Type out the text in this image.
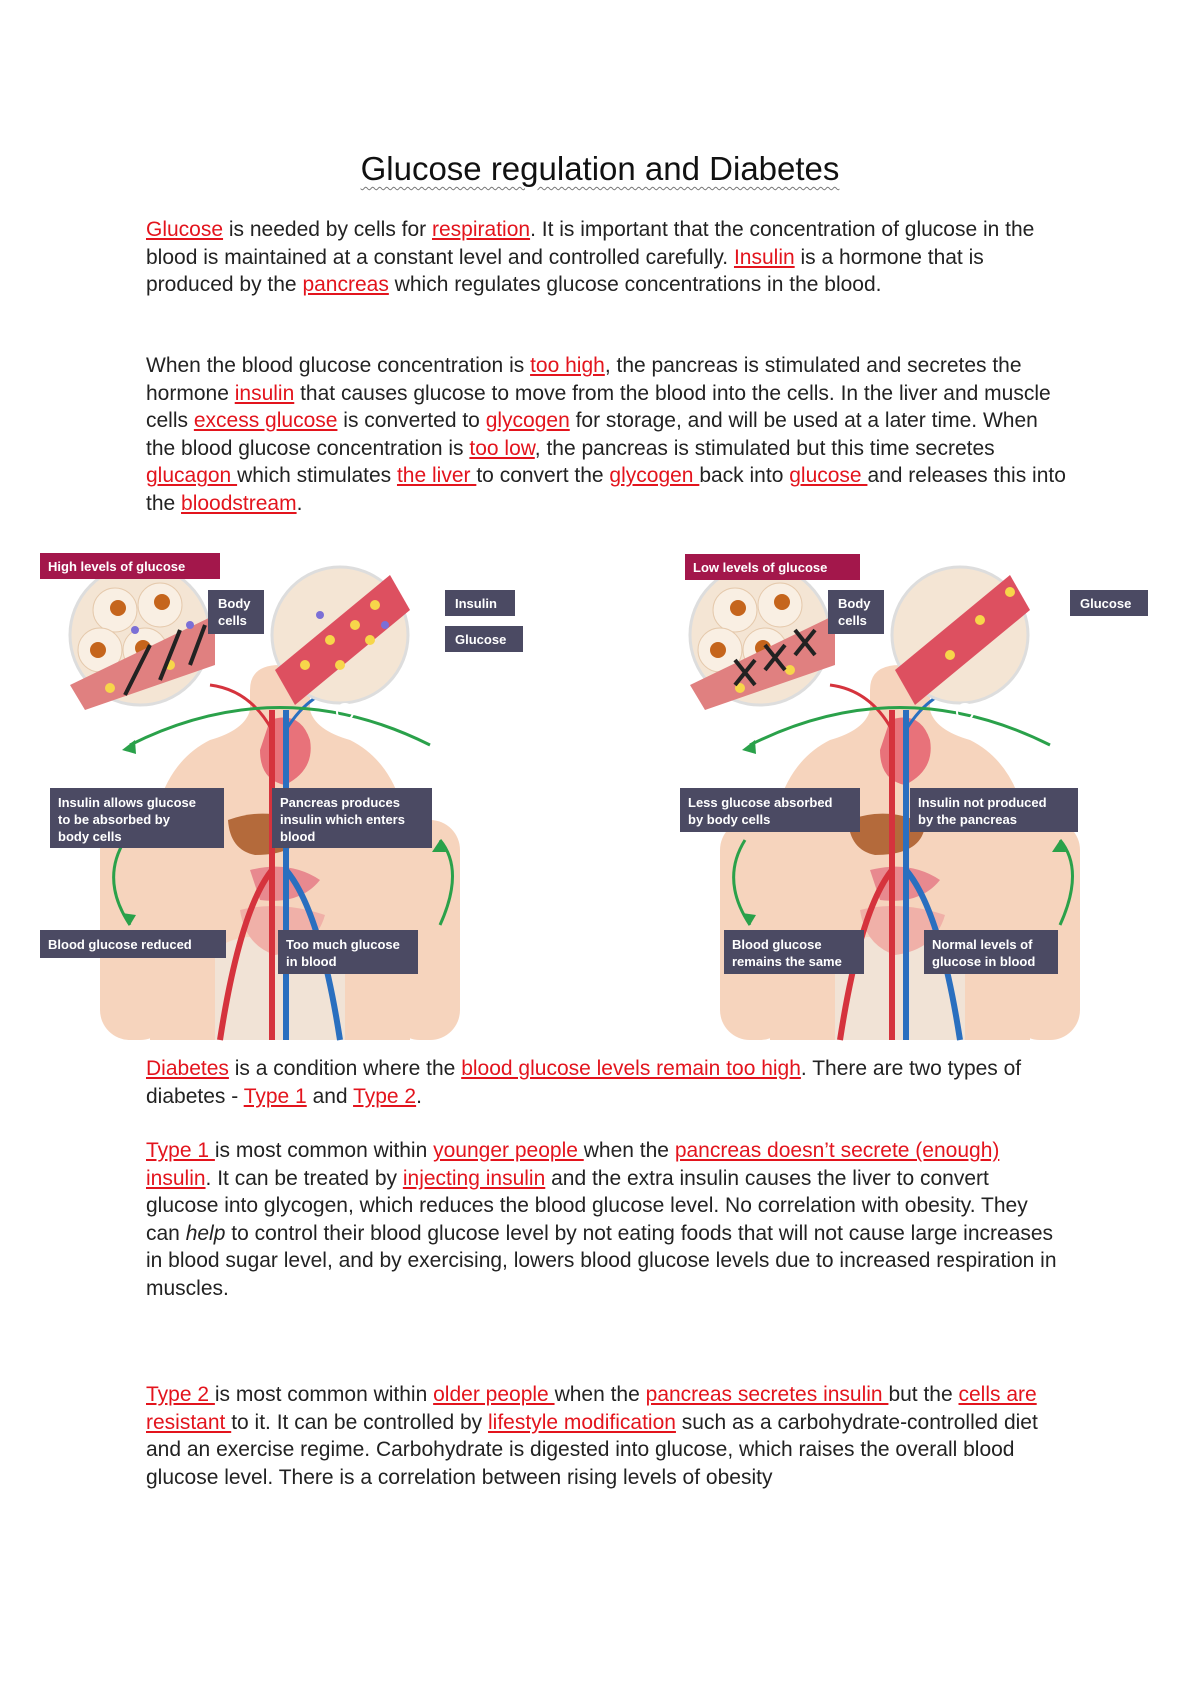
Glucose regulation and Diabetes
Glucose is needed by cells for respiration. It is important that the concentration of glucose in the blood is maintained at a constant level and controlled carefully. Insulin is a hormone that is produced by the pancreas which regulates glucose concentrations in the blood.
When the blood glucose concentration is too high, the pancreas is stimulated and secretes the hormone insulin that causes glucose to move from the blood into the cells. In the liver and muscle cells excess glucose is converted to glycogen for storage, and will be used at a later time. When the blood glucose concentration is too low, the pancreas is stimulated but this time secretes glucagon which stimulates the liver to convert the glycogen back into glucose and releases this into the bloodstream.
High levels of glucose
Body
cells
Insulin
Glucose
Insulin allows glucose
to be absorbed by
body cells
Pancreas produces
insulin which enters
blood
Blood glucose reduced	Too much glucose
in blood
Low levels of glucose
Body
cells
Glucose
Less glucose absorbed
by body cells
Insulin not produced
by the pancreas
Blood glucose
remains the same
Normal levels of
glucose in blood
Diabetes is a condition where the blood glucose levels remain too high. There are two types of diabetes - Type 1 and Type 2.
Type 1 is most common within younger people when the pancreas doesn’t secrete (enough) insulin. It can be treated by injecting insulin and the extra insulin causes the liver to convert glucose into glycogen, which reduces the blood glucose level. No correlation with obesity. They can help to control their blood glucose level by not eating foods that will not cause large increases in blood sugar level, and by exercising, lowers blood glucose levels due to increased respiration in muscles.
Type 2 is most common within older people when the pancreas secretes insulin but the cells are resistant to it. It can be controlled by lifestyle modification such as a carbohydrate-controlled diet and an exercise regime. Carbohydrate is digested into glucose, which raises the overall blood glucose level. There is a correlation between rising levels of obesity
